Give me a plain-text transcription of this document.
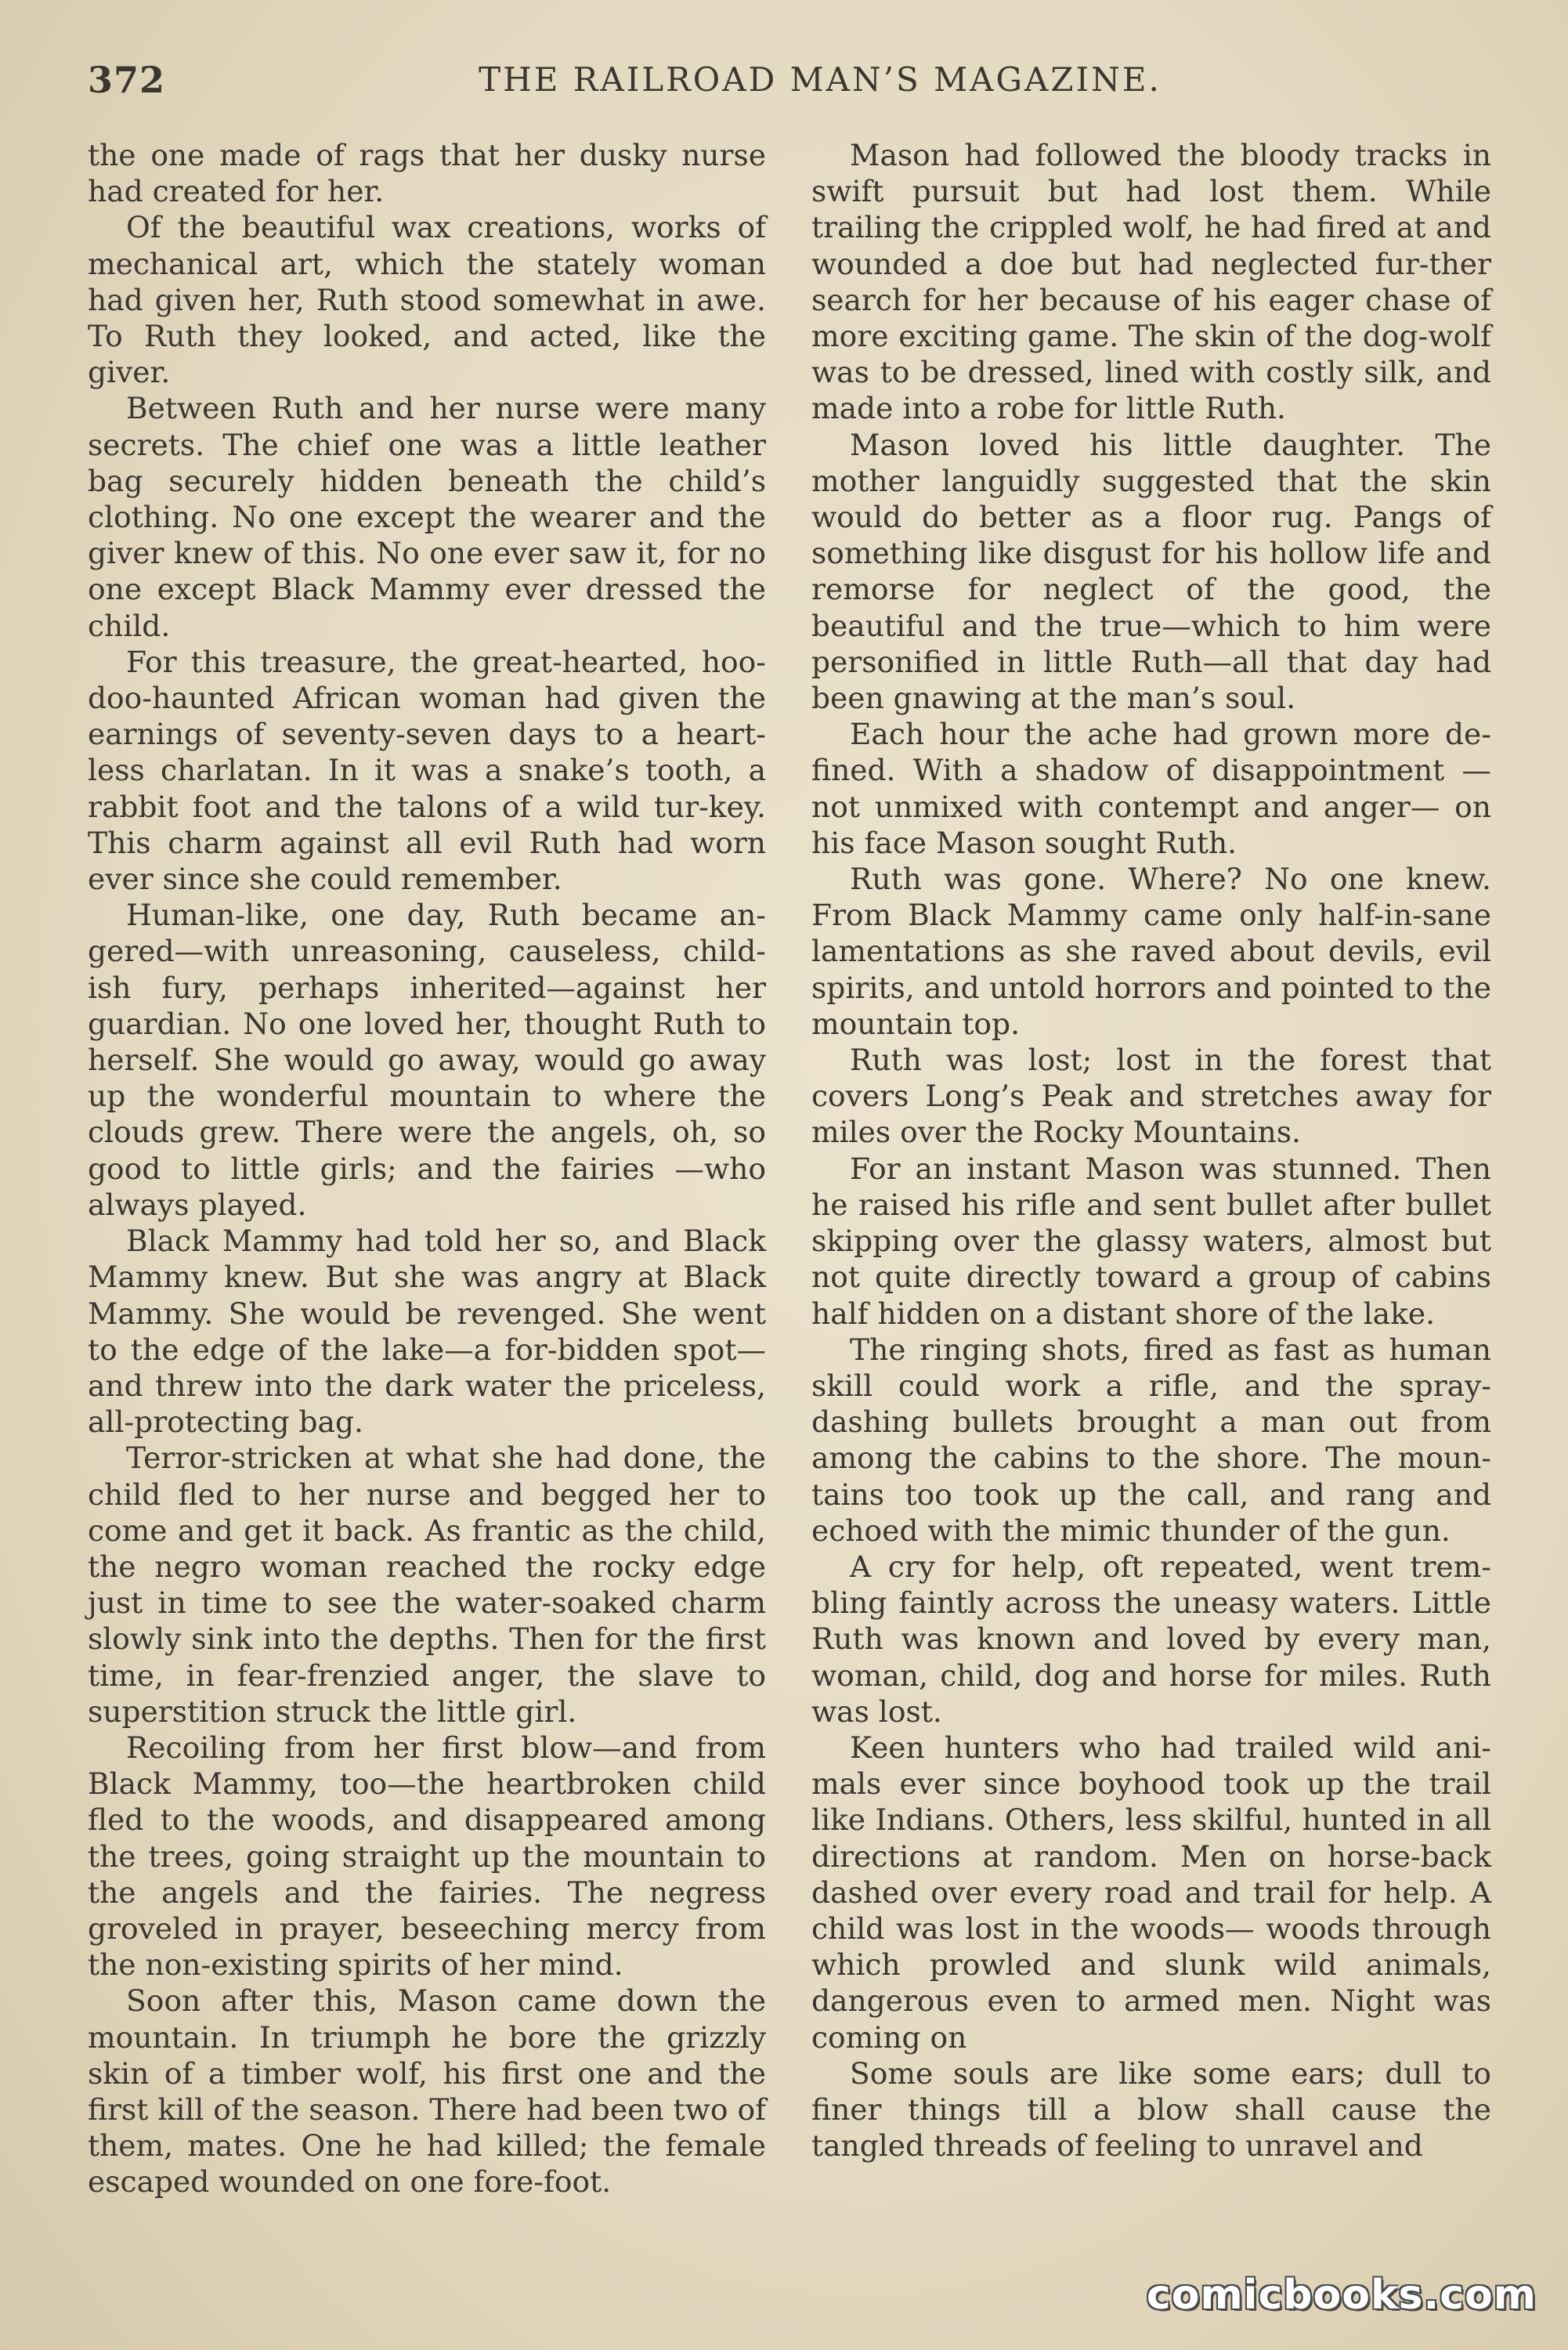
372	THE RAILROAD MAN’S MAGAZINE.

the one made of rags that her dusky nurse had created for her.

Of the beautiful wax creations, works of mechanical art, which the stately woman had given her, Ruth stood somewhat in awe. To Ruth they looked, and acted, like the giver.

Between Ruth and her nurse were many secrets. The chief one was a little leather bag securely hidden beneath the child’s clothing. No one except the wearer and the giver knew of this. No one ever saw it, for no one except Black Mammy ever dressed the child.

For this treasure, the great-hearted, hoo-doo-haunted African woman had given the earnings of seventy-seven days to a heart-less charlatan. In it was a snake’s tooth, a rabbit foot and the talons of a wild tur-key. This charm against all evil Ruth had worn ever since she could remember.

Human-like, one day, Ruth became an-gered—with unreasoning, causeless, child-ish fury, perhaps inherited—against her guardian. No one loved her, thought Ruth to herself. She would go away, would go away up the wonderful mountain to where the clouds grew. There were the angels, oh, so good to little girls; and the fairies —who always played.

Black Mammy had told her so, and Black Mammy knew. But she was angry at Black Mammy. She would be revenged. She went to the edge of the lake—a for-bidden spot—and threw into the dark water the priceless, all-protecting bag.

Terror-stricken at what she had done, the child fled to her nurse and begged her to come and get it back. As frantic as the child, the negro woman reached the rocky edge just in time to see the water-soaked charm slowly sink into the depths. Then for the first time, in fear-frenzied anger, the slave to superstition struck the little girl.

Recoiling from her first blow—and from Black Mammy, too—the heartbroken child fled to the woods, and disappeared among the trees, going straight up the mountain to the angels and the fairies. The negress groveled in prayer, beseeching mercy from the non-existing spirits of her mind.

Soon after this, Mason came down the mountain. In triumph he bore the grizzly skin of a timber wolf, his first one and the first kill of the season. There had been two of them, mates. One he had killed; the female escaped wounded on one fore-foot.

Mason had followed the bloody tracks in swift pursuit but had lost them. While trailing the crippled wolf, he had fired at and wounded a doe but had neglected fur-ther search for her because of his eager chase of more exciting game. The skin of the dog-wolf was to be dressed, lined with costly silk, and made into a robe for little Ruth.

Mason loved his little daughter. The mother languidly suggested that the skin would do better as a floor rug. Pangs of something like disgust for his hollow life and remorse for neglect of the good, the beautiful and the true—which to him were personified in little Ruth—all that day had been gnawing at the man’s soul.

Each hour the ache had grown more de-fined. With a shadow of disappointment —not unmixed with contempt and anger— on his face Mason sought Ruth.

Ruth was gone. Where? No one knew. From Black Mammy came only half-in-sane lamentations as she raved about devils, evil spirits, and untold horrors and pointed to the mountain top.

Ruth was lost; lost in the forest that covers Long’s Peak and stretches away for miles over the Rocky Mountains.

For an instant Mason was stunned. Then he raised his rifle and sent bullet after bullet skipping over the glassy waters, almost but not quite directly toward a group of cabins half hidden on a distant shore of the lake.

The ringing shots, fired as fast as human skill could work a rifle, and the spray-dashing bullets brought a man out from among the cabins to the shore. The moun-tains too took up the call, and rang and echoed with the mimic thunder of the gun.

A cry for help, oft repeated, went trem-bling faintly across the uneasy waters. Little Ruth was known and loved by every man, woman, child, dog and horse for miles. Ruth was lost.

Keen hunters who had trailed wild ani-mals ever since boyhood took up the trail like Indians. Others, less skilful, hunted in all directions at random. Men on horse-back dashed over every road and trail for help. A child was lost in the woods— woods through which prowled and slunk wild animals, dangerous even to armed men. Night was coming on

Some souls are like some ears; dull to finer things till a blow shall cause the tangled threads of feeling to unravel and

comicbooks.com
